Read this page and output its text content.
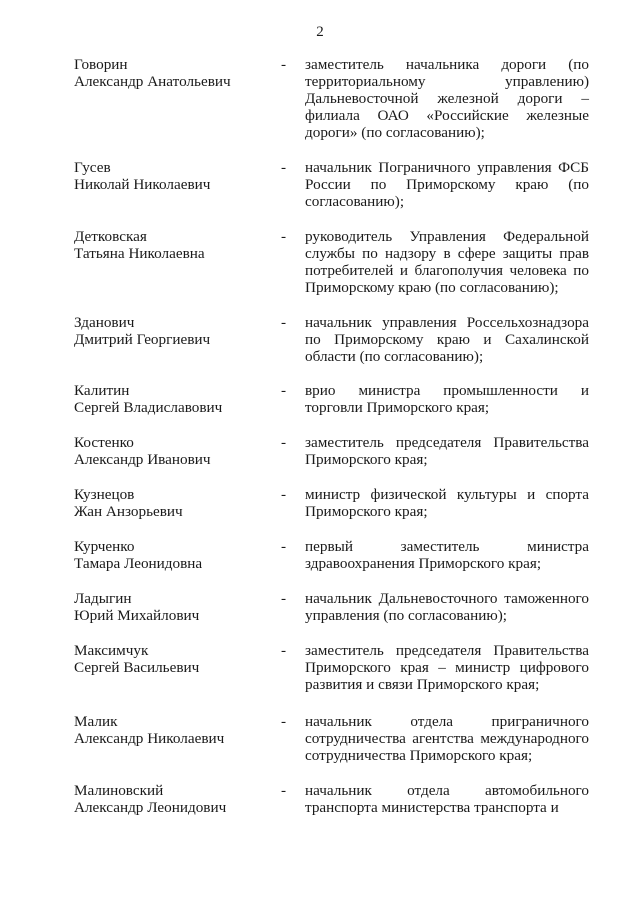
2
Говорин
Александр Анатольевич
- заместитель начальника дороги (по территориальному управлению) Дальневосточной железной дороги – филиала ОАО «Российские железные дороги» (по согласованию);
Гусев
Николай Николаевич
- начальник Пограничного управления ФСБ России по Приморскому краю (по согласованию);
Детковская
Татьяна Николаевна
- руководитель Управления Федеральной службы по надзору в сфере защиты прав потребителей и благополучия человека по Приморскому краю (по согласованию);
Зданович
Дмитрий Георгиевич
- начальник управления Россельхознадзора по Приморскому краю и Сахалинской области (по согласованию);
Калитин
Сергей Владиславович
- врио министра промышленности и торговли Приморского края;
Костенко
Александр Иванович
- заместитель председателя Правительства Приморского края;
Кузнецов
Жан Анзорьевич
- министр физической культуры и спорта Приморского края;
Курченко
Тамара Леонидовна
- первый заместитель министра здравоохранения Приморского края;
Ладыгин
Юрий Михайлович
- начальник Дальневосточного таможенного управления (по согласованию);
Максимчук
Сергей Васильевич
- заместитель председателя Правительства Приморского края – министр цифрового развития и связи Приморского края;
Малик
Александр Николаевич
- начальник отдела приграничного сотрудничества агентства международного сотрудничества Приморского края;
Малиновский
Александр Леонидович
- начальник отдела автомобильного транспорта министерства транспорта и
